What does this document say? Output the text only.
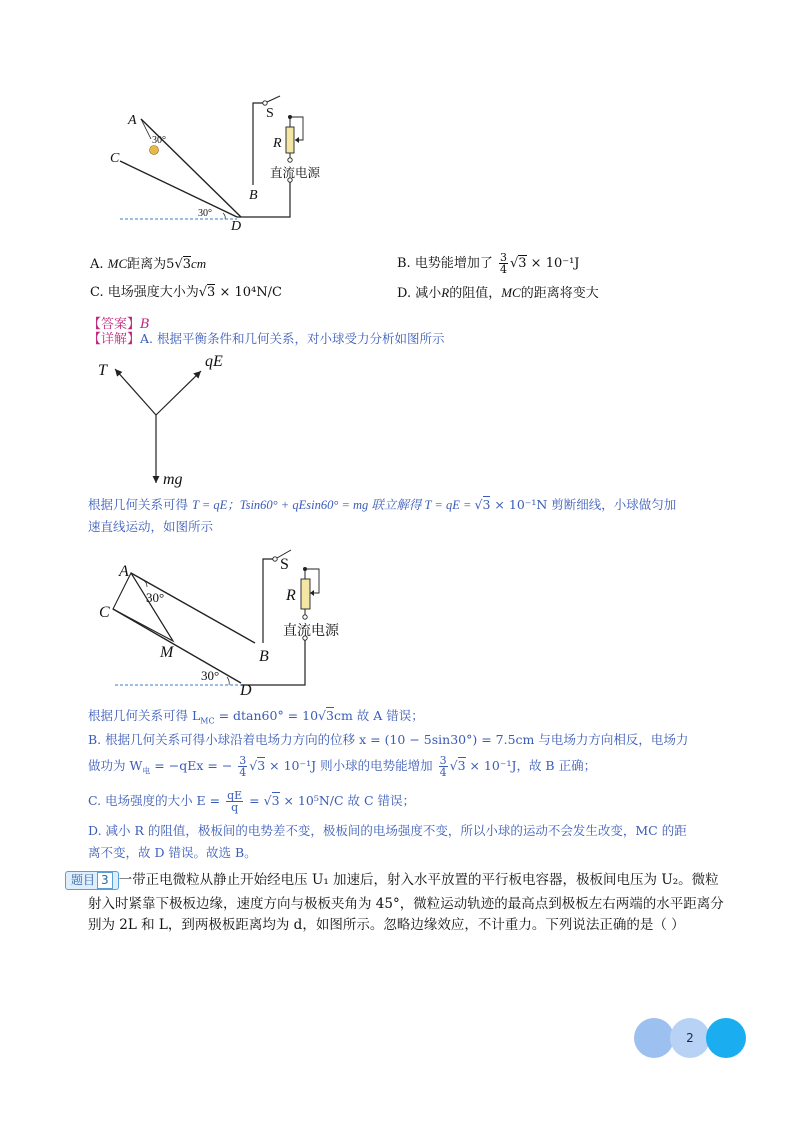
A
30°
C
S
R
直流电源
B
30°
D
A. MC距离为5√3cm	B. 电势能增加了 $\frac{3}{4} √3 \times 10^{-1}J$
C. 电场强度大小为√3 × 10⁴N/C	D. 减小R的阻值，MC的距离将变大
【答案】B
【详解】A. 根据平衡条件和几何关系，对小球受力分析如图所示
T
qE
mg
根据几何关系可得 T = qE；Tsin60° + qEsin60° = mg 联立解得 T = qE = √3 × 10⁻¹N 剪断细线，小球做匀加
速直线运动，如图所示
A
30°
C
M
S
R
直流电源
B
30°
D
根据几何关系可得 $L_{MC} = dtan60^\circ = 10√3cm$ 故 A 错误；
B. 根据几何关系可得小球沿着电场力方向的位移 x = (10 − 5sin30°) = 7.5cm 与电场力方向相反，电场力
做功为 $W_电 = -qEx$ = − $\frac{3}{4} √3 \times 10^{-1}J$ 则小球的电势能增加 $\frac{3}{4} √3 \times 10^{-1}J$，故 B 正确；
C. 电场强度的大小 $E = \frac{qE}{q} = √3 \times 10^5N/C$ 故 C 错误；
D. 减小 R 的阻值，极板间的电势差不变，极板间的电场强度不变，所以小球的运动不会发生改变，MC 的距
离不变，故 D 错误。故选 B。
题目 3 一带正电微粒从静止开始经电压 U₁ 加速后，射入水平放置的平行板电容器，极板间电压为 U₂。微粒
射入时紧靠下极板边缘，速度方向与极板夹角为 45°，微粒运动轨迹的最高点到极板左右两端的水平距离分
别为 2L 和 L，到两极板距离均为 d，如图所示。忽略边缘效应，不计重力。下列说法正确的是（ ）
2
